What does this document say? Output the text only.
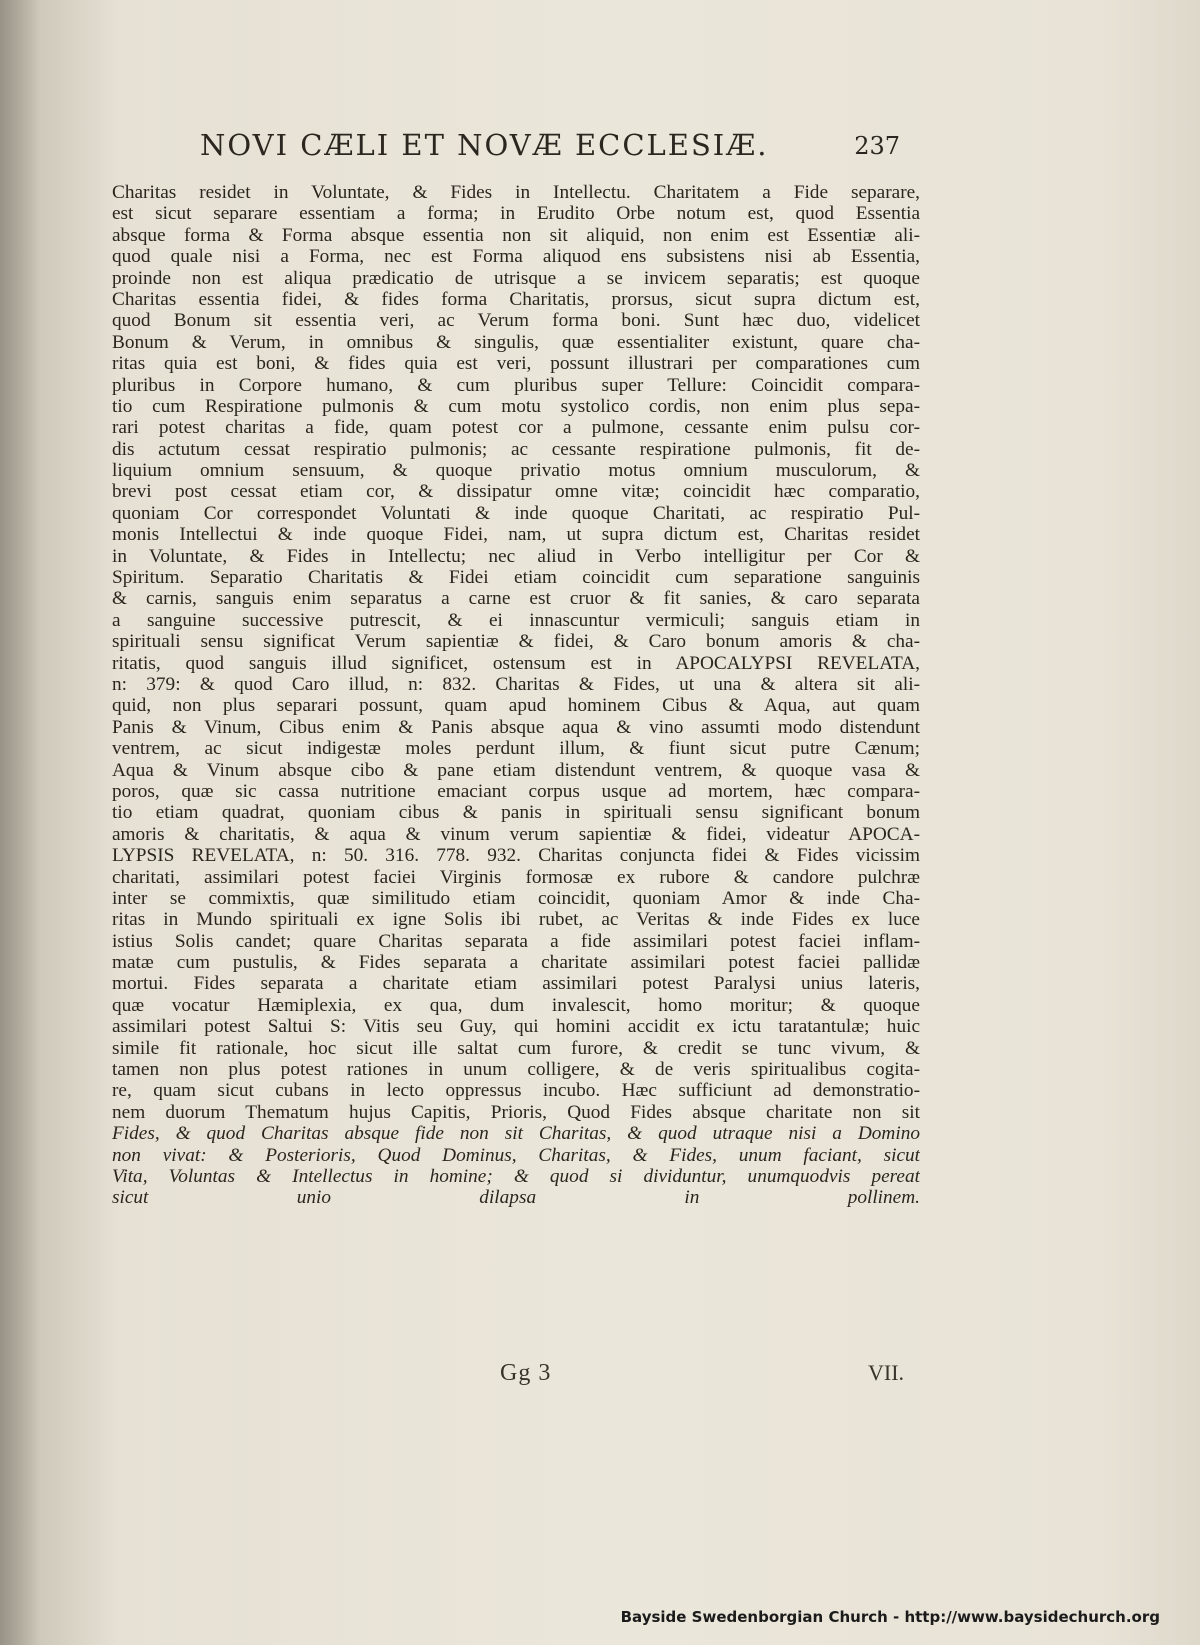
NOVI CÆLI ET NOVÆ ECCLESIÆ.	237
Charitas residet in Voluntate, & Fides in Intellectu. Charitatem a Fide separare,
est sicut separare essentiam a forma; in Erudito Orbe notum est, quod Essentia
absque forma & Forma absque essentia non sit aliquid, non enim est Essentiæ ali-
quod quale nisi a Forma, nec est Forma aliquod ens subsistens nisi ab Essentia,
proinde non est aliqua prædicatio de utrisque a se invicem separatis; est quoque
Charitas essentia fidei, & fides forma Charitatis, prorsus, sicut supra dictum est,
quod Bonum sit essentia veri, ac Verum forma boni. Sunt hæc duo, videlicet
Bonum & Verum, in omnibus & singulis, quæ essentialiter existunt, quare cha-
ritas quia est boni, & fides quia est veri, possunt illustrari per comparationes cum
pluribus in Corpore humano, & cum pluribus super Tellure: Coincidit compara-
tio cum Respiratione pulmonis & cum motu systolico cordis, non enim plus sepa-
rari potest charitas a fide, quam potest cor a pulmone, cessante enim pulsu cor-
dis actutum cessat respiratio pulmonis; ac cessante respiratione pulmonis, fit de-
liquium omnium sensuum, & quoque privatio motus omnium musculorum, &
brevi post cessat etiam cor, & dissipatur omne vitæ; coincidit hæc comparatio,
quoniam Cor correspondet Voluntati & inde quoque Charitati, ac respiratio Pul-
monis Intellectui & inde quoque Fidei, nam, ut supra dictum est, Charitas residet
in Voluntate, & Fides in Intellectu; nec aliud in Verbo intelligitur per Cor &
Spiritum. Separatio Charitatis & Fidei etiam coincidit cum separatione sanguinis
& carnis, sanguis enim separatus a carne est cruor & fit sanies, & caro separata
a sanguine successive putrescit, & ei innascuntur vermiculi; sanguis etiam in
spirituali sensu significat Verum sapientiæ & fidei, & Caro bonum amoris & cha-
ritatis, quod sanguis illud significet, ostensum est in APOCALYPSI REVELATA,
n: 379: & quod Caro illud, n: 832. Charitas & Fides, ut una & altera sit ali-
quid, non plus separari possunt, quam apud hominem Cibus & Aqua, aut quam
Panis & Vinum, Cibus enim & Panis absque aqua & vino assumti modo distendunt
ventrem, ac sicut indigestæ moles perdunt illum, & fiunt sicut putre Cænum;
Aqua & Vinum absque cibo & pane etiam distendunt ventrem, & quoque vasa &
poros, quæ sic cassa nutritione emaciant corpus usque ad mortem, hæc compara-
tio etiam quadrat, quoniam cibus & panis in spirituali sensu significant bonum
amoris & charitatis, & aqua & vinum verum sapientiæ & fidei, videatur APOCA-
LYPSIS REVELATA, n: 50. 316. 778. 932. Charitas conjuncta fidei & Fides vicissim
charitati, assimilari potest faciei Virginis formosæ ex rubore & candore pulchræ
inter se commixtis, quæ similitudo etiam coincidit, quoniam Amor & inde Cha-
ritas in Mundo spirituali ex igne Solis ibi rubet, ac Veritas & inde Fides ex luce
istius Solis candet; quare Charitas separata a fide assimilari potest faciei inflam-
matæ cum pustulis, & Fides separata a charitate assimilari potest faciei pallidæ
mortui. Fides separata a charitate etiam assimilari potest Paralysi unius lateris,
quæ vocatur Hæmiplexia, ex qua, dum invalescit, homo moritur; & quoque
assimilari potest Saltui S: Vitis seu Guy, qui homini accidit ex ictu taratantulæ; huic
simile fit rationale, hoc sicut ille saltat cum furore, & credit se tunc vivum, &
tamen non plus potest rationes in unum colligere, & de veris spiritualibus cogita-
re, quam sicut cubans in lecto oppressus incubo. Hæc sufficiunt ad demonstratio-
nem duorum Thematum hujus Capitis, Prioris, Quod Fides absque charitate non sit
Fides, & quod Charitas absque fide non sit Charitas, & quod utraque nisi a Domino
non vivat: & Posterioris, Quod Dominus, Charitas, & Fides, unum faciant, sicut
Vita, Voluntas & Intellectus in homine; & quod si dividuntur, unumquodvis pereat
sicut unio dilapsa in pollinem.
Gg 3	VII.
Bayside Swedenborgian Church - http://www.baysidechurch.org
